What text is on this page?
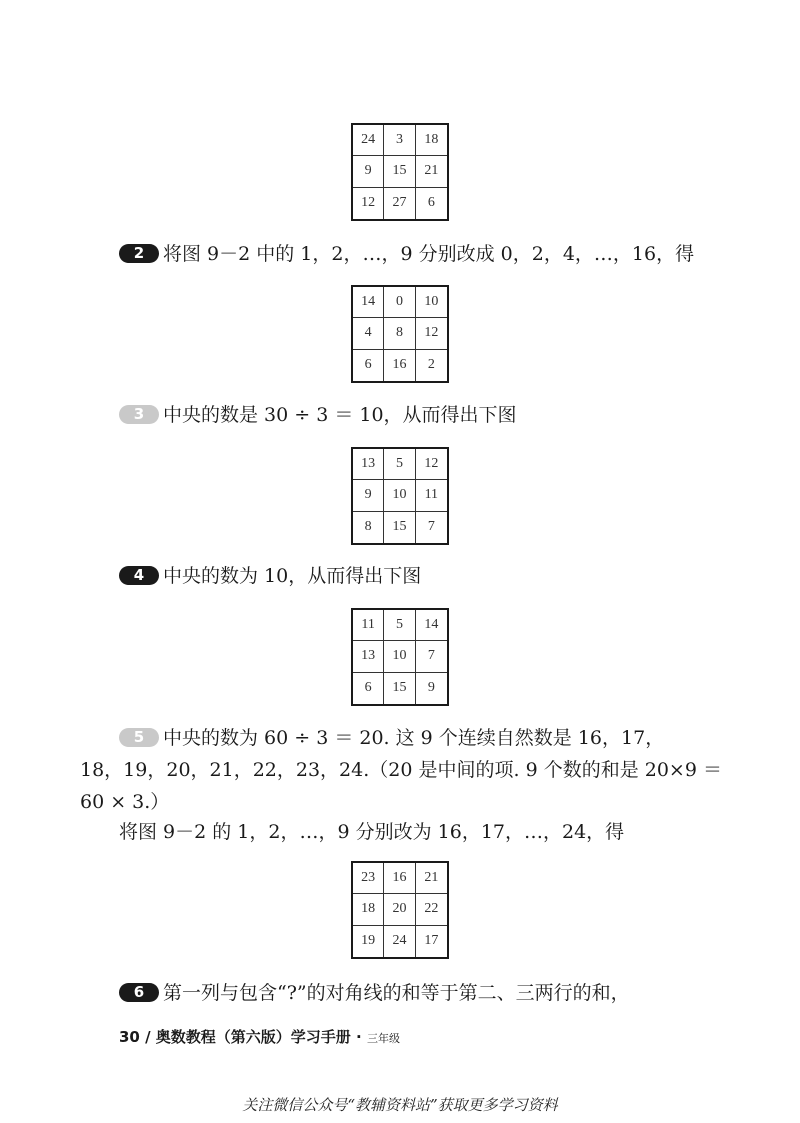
24	3	18
9	15	21
12	27	6
2 将图 9－2 中的 1，2，…，9 分别改成 0，2，4，…，16，得
14	0	10
4	8	12
6	16	2
3 中央的数是 30 ÷ 3 ＝ 10，从而得出下图
13	5	12
9	10	11
8	15	7
4 中央的数为 10，从而得出下图
11	5	14
13	10	7
6	15	9
5 中央的数为 60 ÷ 3 ＝ 20. 这 9 个连续自然数是 16，17，
18，19，20，21，22，23，24.（20 是中间的项. 9 个数的和是 20×9 ＝
60 × 3.）
将图 9－2 的 1，2，…，9 分别改为 16，17，…，24，得
23	16	21
18	20	22
19	24	17
6 第一列与包含“?”的对角线的和等于第二、三两行的和，
30 / 奥数教程（第六版）学习手册 · 三年级
关注微信公众号“教辅资料站”获取更多学习资料
